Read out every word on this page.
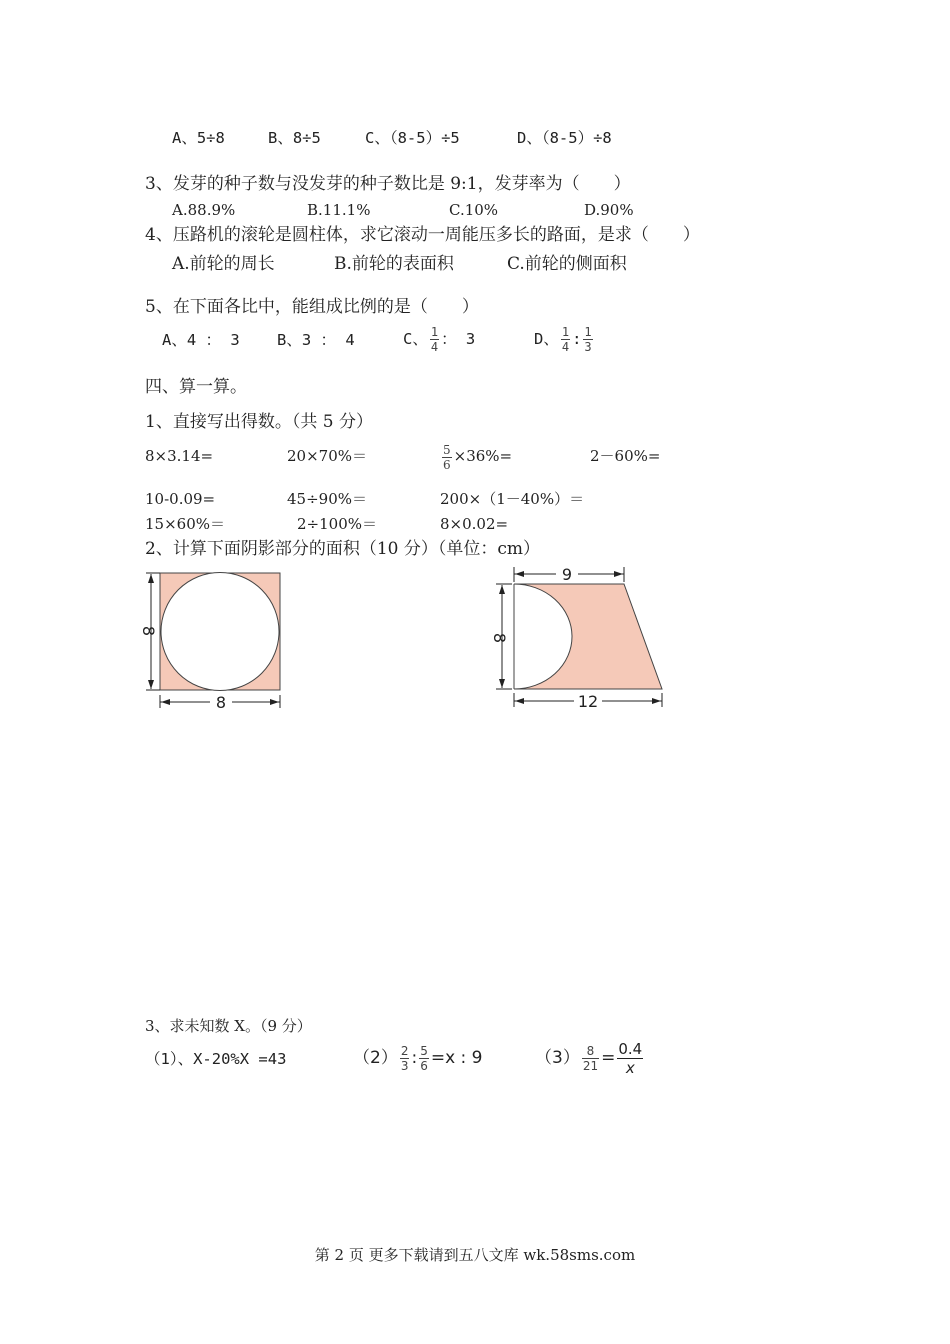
A、5÷8	B、8÷5	C、（8-5）÷5	D、（8-5）÷8
3、发芽的种子数与没发芽的种子数比是 9:1，发芽率为（　　）
A.88.9%	B.11.1%	C.10%	D.90%
4、压路机的滚轮是圆柱体，求它滚动一周能压多长的路面，是求（　　）
A.前轮的周长	B.前轮的表面积	C.前轮的侧面积
5、在下面各比中，能组成比例的是（　　）
A、4 ： 3 B、3 ： 4	C、 $\frac{1}{4}$ ： 3	D、 $\frac{1}{4}$ : $\frac{1}{3}$
四、算一算。
1、直接写出得数。（共 5 分）
8×3.14=	20×70%＝	$\frac{5}{6} \times 36\%=$	2－60%=
10-0.09=	45÷90%＝	200×（1－40%）＝
15×60%＝	2÷100%＝	8×0.02=
2、计算下面阴影部分的面积（10 分）（单位：cm）
8
8
9
8
12
3、求未知数 X。（9 分）
（1）、X-20%X =43	$(2) \frac{2}{3}$ : $\frac{5}{6} =x$ : 9	$(3) \frac{8}{21} = \frac{0.4}{x}$
第 2 页 更多下载请到五八文库 wk.58sms.com
